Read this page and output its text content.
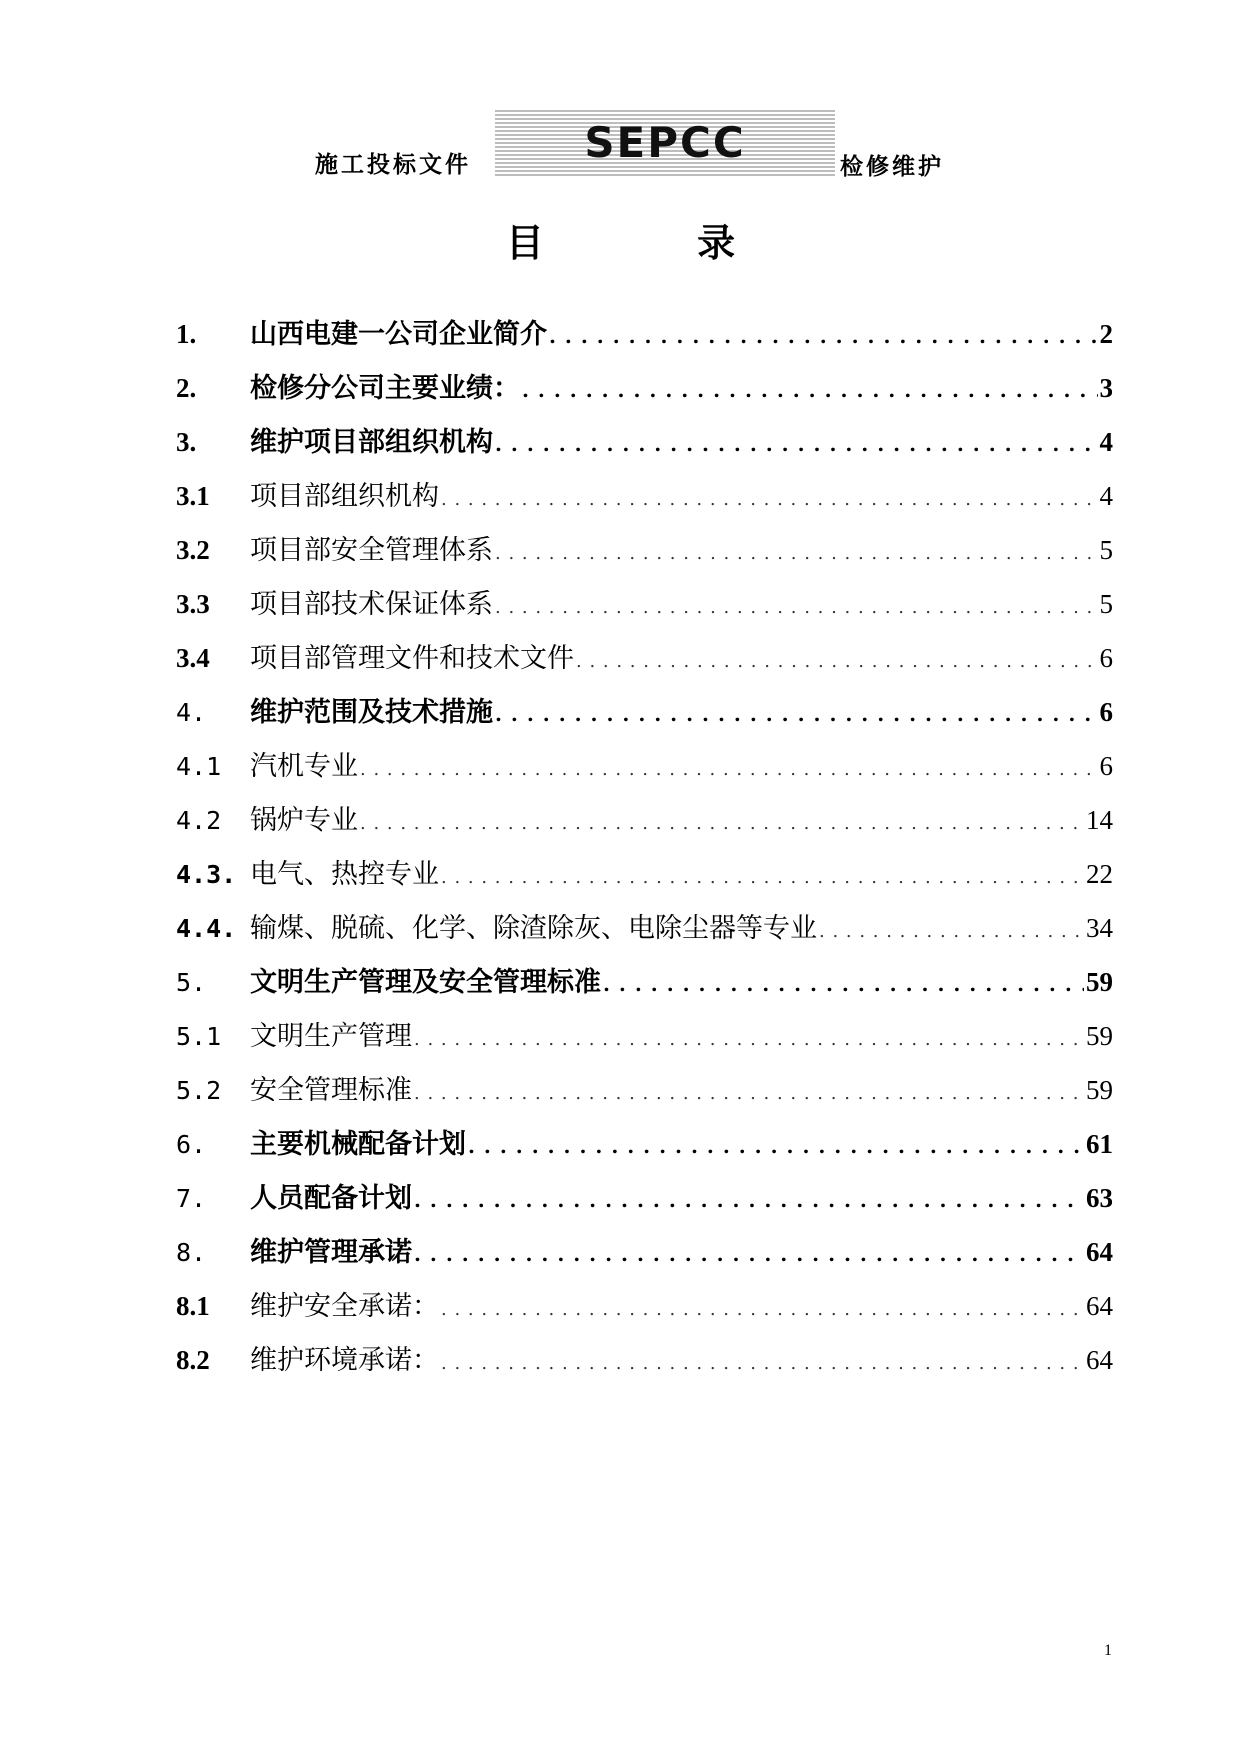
施工投标文件	SEPCC	检修维护
目 录
1.	山西电建一公司企业简介 . . .	2
2.	检修分公司主要业绩： . . .	3
3.	维护项目部组织机构 . . .	4
3.1	项目部组织机构 . . .	4
3.2	项目部安全管理体系 . . .	5
3.3	项目部技术保证体系 . . .	5
3.4	项目部管理文件和技术文件 . . .	6
4.	维护范围及技术措施 . . .	6
4.1	汽机专业 . . .	6
4.2	锅炉专业 . . .	14
4.3. 电气、热控专业 . . .	22
4.4. 输煤、脱硫、化学、除渣除灰、电除尘器等专业 . . .	34
5.	文明生产管理及安全管理标准 . . .	59
5.1	文明生产管理 . . .	59
5.2	安全管理标准 . . .	59
6.	主要机械配备计划 . . .	61
7.	人员配备计划 . . .	63
8.	维护管理承诺 . . .	64
8.1	维护安全承诺： . . .	64
8.2	维护环境承诺： . . .	64
1
